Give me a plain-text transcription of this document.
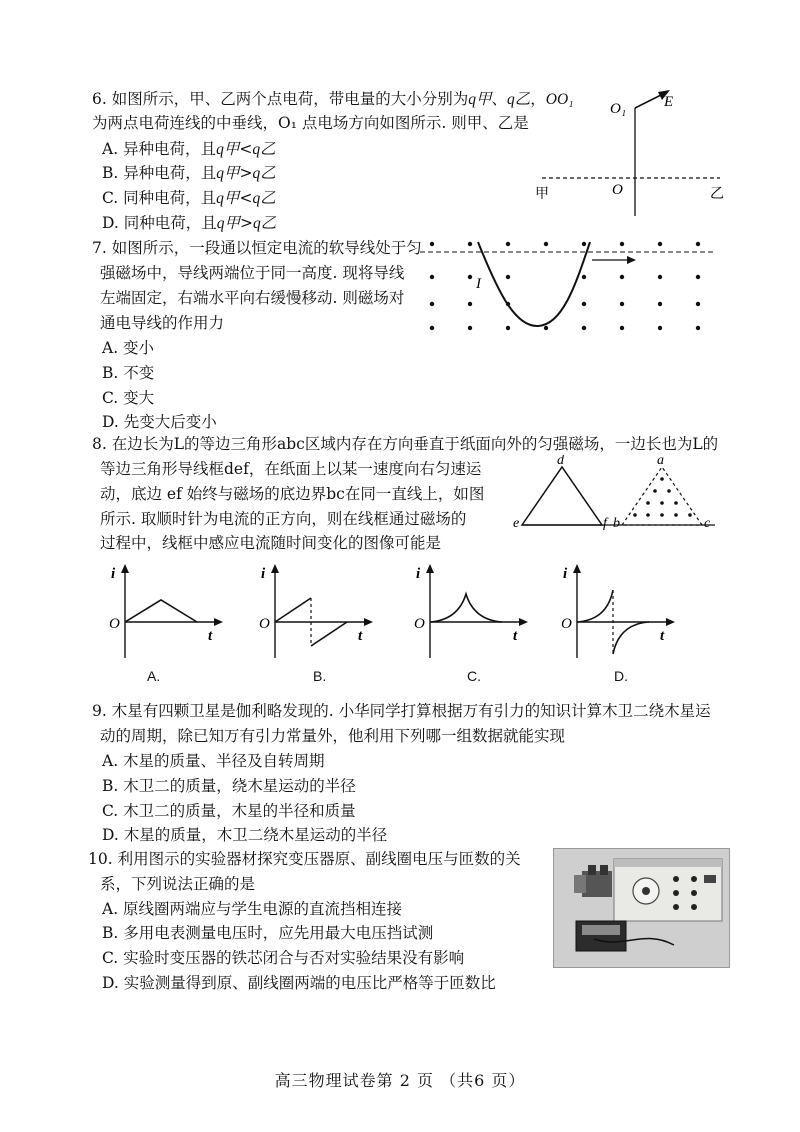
6. 如图所示，甲、乙两个点电荷，带电量的大小分别为q甲、q乙，OO₁
为两点电荷连线的中垂线，O₁ 点电场方向如图所示. 则甲、乙是
A. 异种电荷，且q甲<q乙
B. 异种电荷，且q甲>q乙
C. 同种电荷，且q甲<q乙
D. 同种电荷，且q甲>q乙
O₁	E
甲	O	乙
7. 如图所示，一段通以恒定电流的软导线处于匀
强磁场中，导线两端位于同一高度. 现将导线
左端固定，右端水平向右缓慢移动. 则磁场对
通电导线的作用力
A. 变小
B. 不变
C. 变大
D. 先变大后变小
I
8. 在边长为L的等边三角形abc区域内存在方向垂直于纸面向外的匀强磁场，一边长也为L的
等边三角形导线框def，在纸面上以某一速度向右匀速运
动，底边 ef 始终与磁场的底边界bc在同一直线上，如图
所示. 取顺时针为电流的正方向，则在线框通过磁场的
过程中，线框中感应电流随时间变化的图像可能是
d
e	f
a
b	c
i
O
t
A.
i
O
t
B.
i
O
t
C.
i
O
t
D.
9. 木星有四颗卫星是伽利略发现的. 小华同学打算根据万有引力的知识计算木卫二绕木星运
动的周期，除已知万有引力常量外，他利用下列哪一组数据就能实现
A. 木星的质量、半径及自转周期
B. 木卫二的质量，绕木星运动的半径
C. 木卫二的质量，木星的半径和质量
D. 木星的质量，木卫二绕木星运动的半径
10. 利用图示的实验器材探究变压器原、副线圈电压与匝数的关
系，下列说法正确的是
A. 原线圈两端应与学生电源的直流挡相连接
B. 多用电表测量电压时，应先用最大电压挡试测
C. 实验时变压器的铁芯闭合与否对实验结果没有影响
D. 实验测量得到原、副线圈两端的电压比严格等于匝数比
高三物理试卷第 2 页 （共6 页）
